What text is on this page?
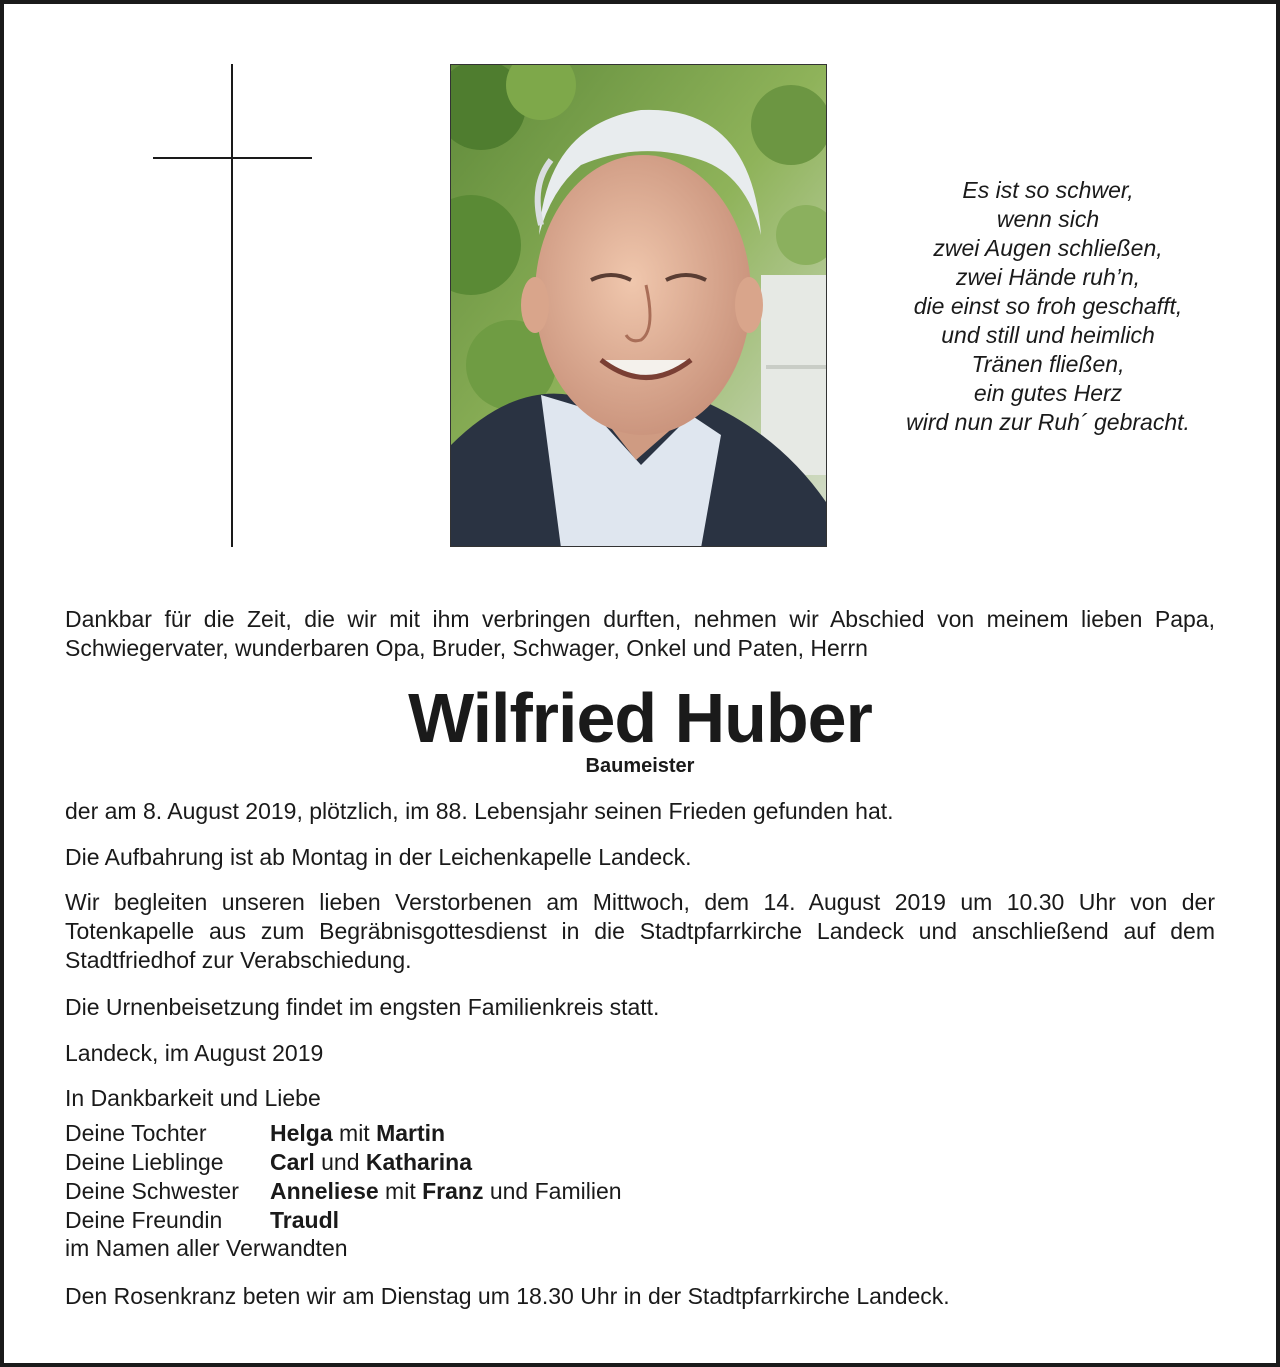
Es ist so schwer,
wenn sich
zwei Augen schließen,
zwei Hände ruh’n,
die einst so froh geschafft,
und still und heimlich
Tränen fließen,
ein gutes Herz
wird nun zur Ruh´ gebracht.
Dankbar für die Zeit, die wir mit ihm verbringen durften, nehmen wir Abschied von meinem lieben Papa, Schwiegervater, wunderbaren Opa, Bruder, Schwager, Onkel und Paten, Herrn
Wilfried Huber
Baumeister
der am 8. August 2019, plötzlich, im 88. Lebensjahr seinen Frieden gefunden hat.
Die Aufbahrung ist ab Montag in der Leichenkapelle Landeck.
Wir begleiten unseren lieben Verstorbenen am Mittwoch, dem 14. August 2019 um 10.30 Uhr von der Totenkapelle aus zum Begräbnisgottesdienst in die Stadtpfarrkirche Landeck und anschließend auf dem Stadtfriedhof zur Verabschiedung.
Die Urnenbeisetzung findet im engsten Familienkreis statt.
Landeck, im August 2019
In Dankbarkeit und Liebe
Deine Tochter	Helga mit Martin
Deine Lieblinge	Carl und Katharina
Deine Schwester	Anneliese mit Franz und Familien
Deine Freundin	Traudl
im Namen aller Verwandten
Den Rosenkranz beten wir am Dienstag um 18.30 Uhr in der Stadtpfarrkirche Landeck.
